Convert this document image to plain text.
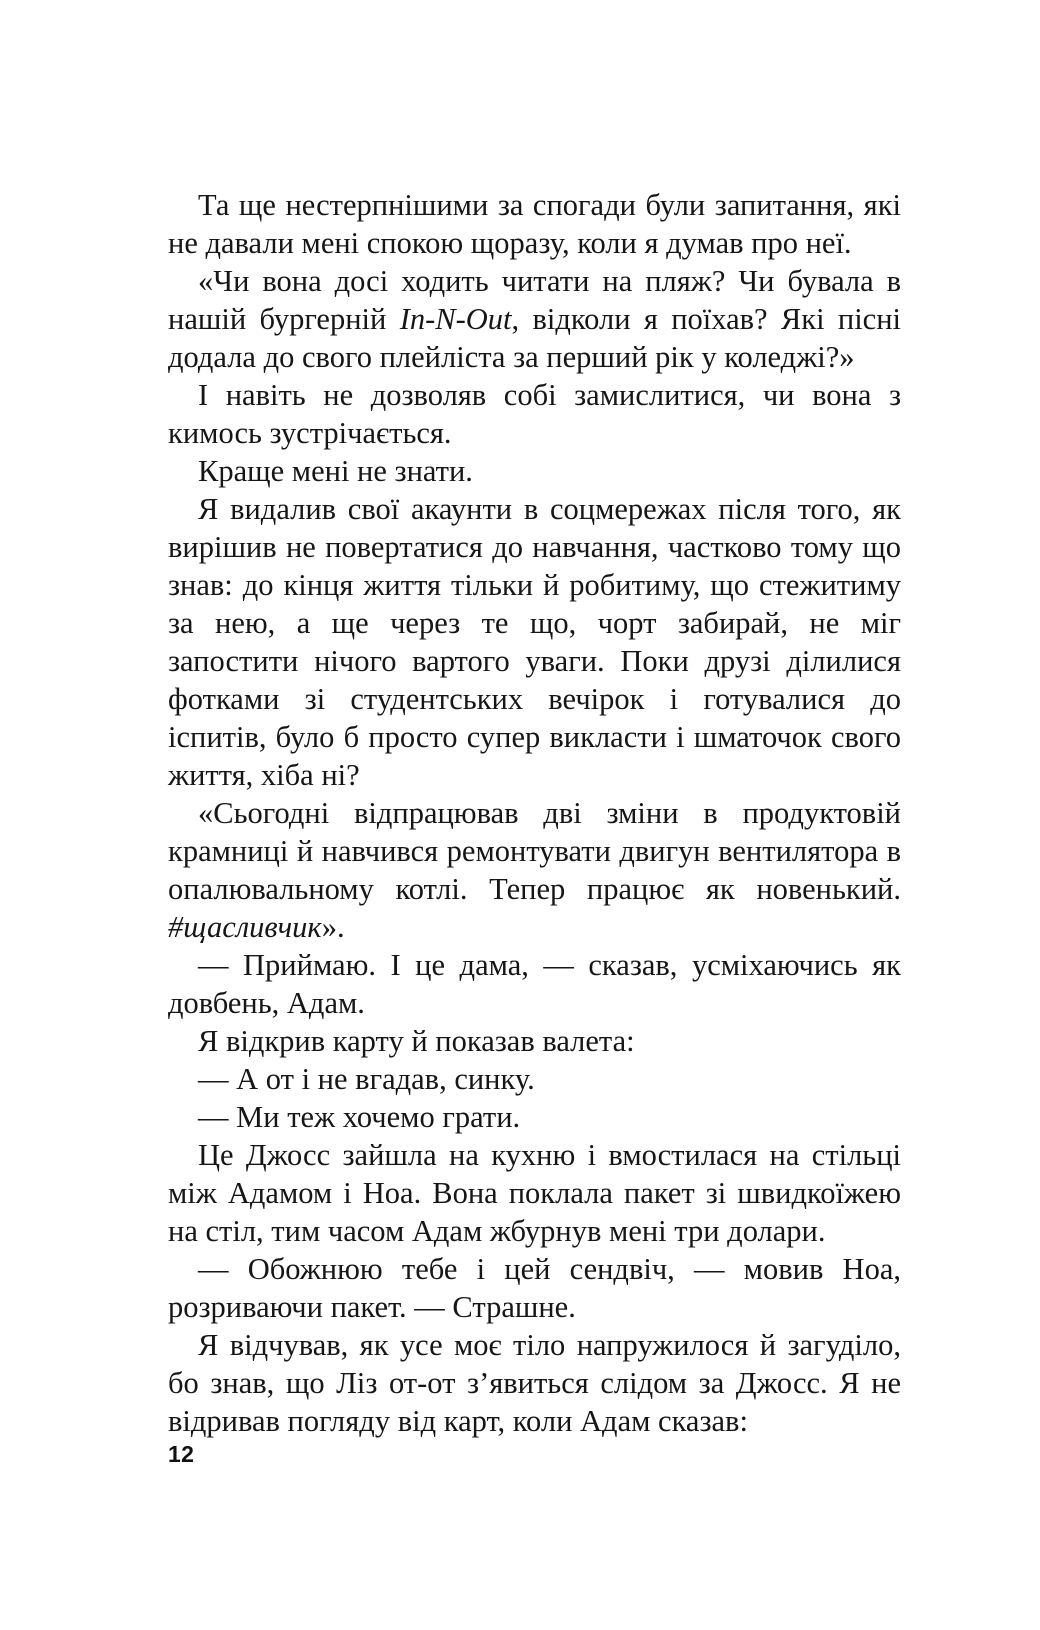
Та ще нестерпнішими за спогади були запитання, які не давали мені спокою щоразу, коли я думав про неї.

«Чи вона досі ходить читати на пляж? Чи бувала в нашій бургерній In-N-Out, відколи я поїхав? Які пісні додала до свого плейліста за перший рік у коледжі?»

І навіть не дозволяв собі замислитися, чи вона з кимось зустрічається.

Краще мені не знати.

Я видалив свої акаунти в соцмережах після того, як вирішив не повертатися до навчання, частково тому що знав: до кінця життя тільки й робитиму, що стежитиму за нею, а ще через те що, чорт забирай, не міг запостити нічого вартого уваги. Поки друзі ділилися фотками зі студентських вечірок і готувалися до іспитів, було б просто супер викласти і шматочок свого життя, хіба ні?

«Сьогодні відпрацював дві зміни в продуктовій крамниці й навчився ремонтувати двигун вентилятора в опалювальному котлі. Тепер працює як новенький. #щасливчик».

— Приймаю. І це дама, — сказав, усміхаючись як довбень, Адам.

Я відкрив карту й показав валета:

— А от і не вгадав, синку.

— Ми теж хочемо грати.

Це Джосс зайшла на кухню і вмостилася на стільці між Адамом і Ноа. Вона поклала пакет зі швидкоїжею на стіл, тим часом Адам жбурнув мені три долари.

— Обожнюю тебе і цей сендвіч, — мовив Ноа, розриваючи пакет. — Страшне.

Я відчував, як усе моє тіло напружилося й загуділо, бо знав, що Ліз от-от з’явиться слідом за Джосс. Я не відривав погляду від карт, коли Адам сказав:

12
